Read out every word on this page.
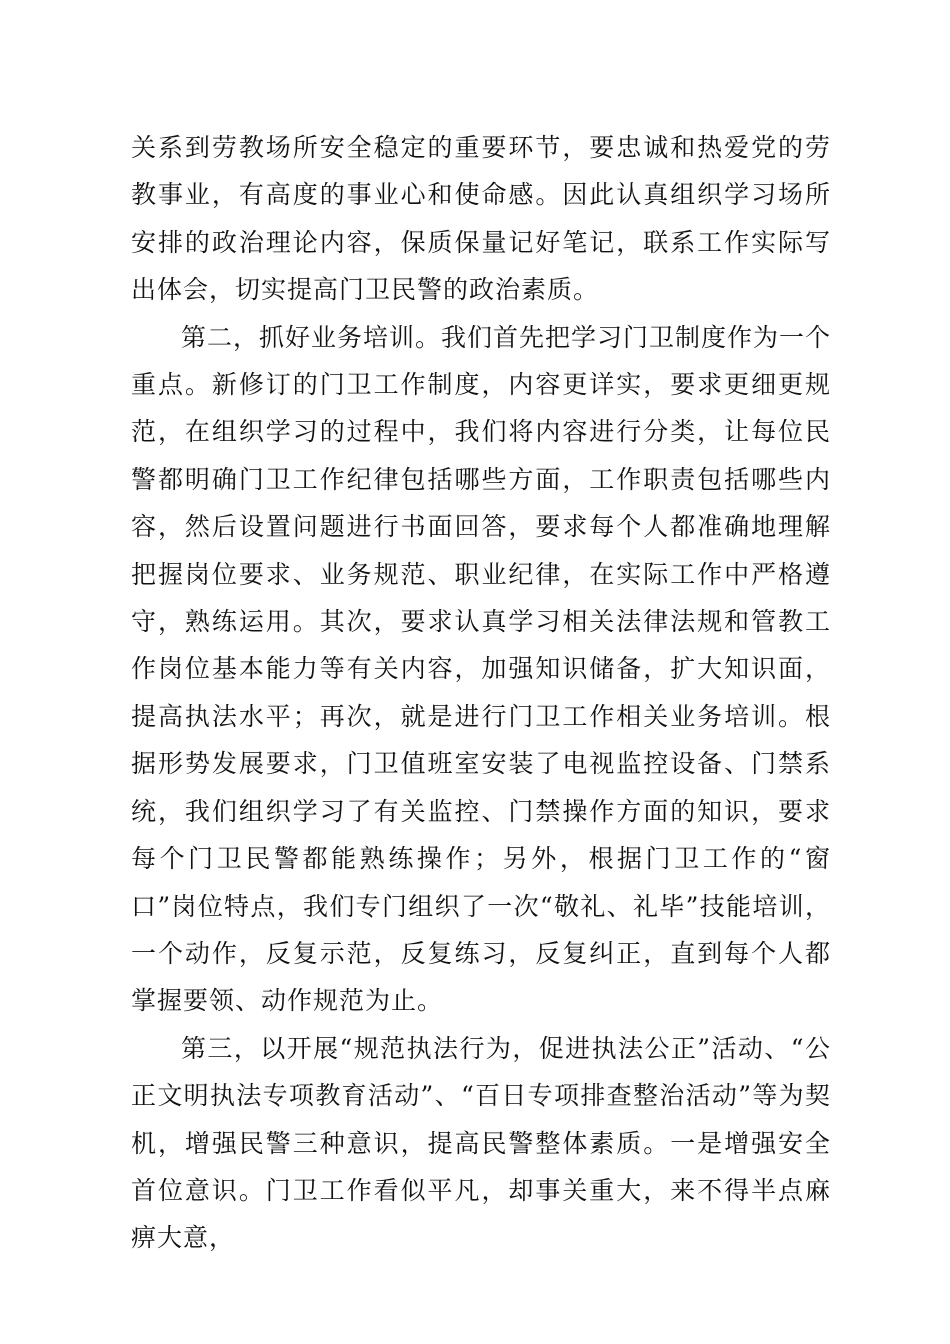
关系到劳教场所安全稳定的重要环节，要忠诚和热爱党的劳教事业，有高度的事业心和使命感。因此认真组织学习场所安排的政治理论内容，保质保量记好笔记，联系工作实际写出体会，切实提高门卫民警的政治素质。

第二，抓好业务培训。我们首先把学习门卫制度作为一个重点。新修订的门卫工作制度，内容更详实，要求更细更规范，在组织学习的过程中，我们将内容进行分类，让每位民警都明确门卫工作纪律包括哪些方面，工作职责包括哪些内容，然后设置问题进行书面回答，要求每个人都准确地理解把握岗位要求、业务规范、职业纪律，在实际工作中严格遵守，熟练运用。其次，要求认真学习相关法律法规和管教工作岗位基本能力等有关内容，加强知识储备，扩大知识面，提高执法水平；再次，就是进行门卫工作相关业务培训。根据形势发展要求，门卫值班室安装了电视监控设备、门禁系统，我们组织学习了有关监控、门禁操作方面的知识，要求每个门卫民警都能熟练操作；另外，根据门卫工作的“窗口”岗位特点，我们专门组织了一次“敬礼、礼毕”技能培训，一个动作，反复示范，反复练习，反复纠正，直到每个人都掌握要领、动作规范为止。

第三，以开展“规范执法行为，促进执法公正”活动、“公正文明执法专项教育活动”、“百日专项排查整治活动”等为契机，增强民警三种意识，提高民警整体素质。一是增强安全首位意识。门卫工作看似平凡，却事关重大，来不得半点麻痹大意，
